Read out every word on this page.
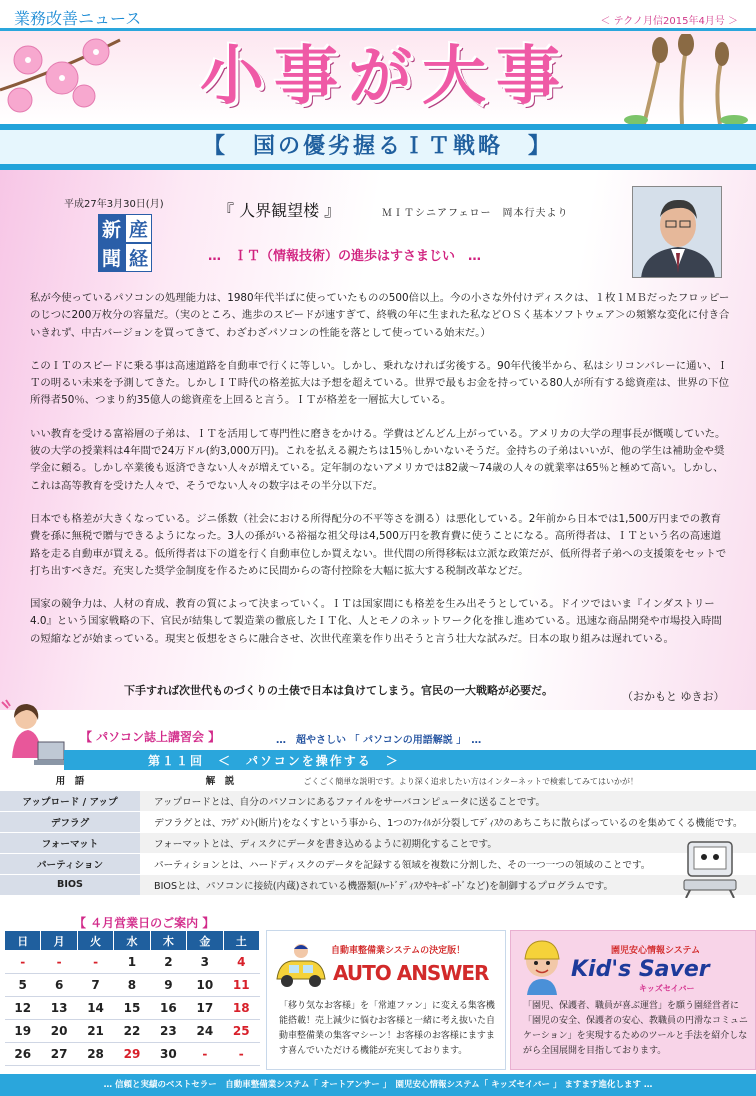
業務改善ニュース	＜ テクノ月信2015年4月号 ＞
小事が大事
【　国の優劣握るＩＴ戦略　】
平成27年3月30日(月)
新 産
聞 経
『 人界観望楼 』	ＭＩＴシニアフェロー　岡本行夫より
…　ＩＴ（情報技術）の進歩はすさまじい　…

私が今使っているパソコンの処理能力は、1980年代半ばに使っていたものの500倍以上。今の小さな外付けディスクは、１枚１ＭＢだったフロッピーのじつに200万枚分の容量だ。（実のところ、進歩のスピードが速すぎて、終戦の年に生まれた私などＯＳく基本ソフトウェア＞の頻繁な変化に付き合いきれず、中古バージョンを買ってきて、わざわざパソコンの性能を落として使っている始末だ。）

このＩＴのスピードに乗る事は高速道路を自動車で行くに等しい。しかし、乗れなければ劣後する。90年代後半から、私はシリコンバレーに通い、ＩＴの明るい未来を予測してきた。しかしＩＴ時代の格差拡大は予想を超えている。世界で最もお金を持っている80人が所有する総資産は、世界の下位所得者50％、つまり約35億人の総資産を上回ると言う。ＩＴが格差を一層拡大している。

いい教育を受ける富裕層の子弟は、ＩＴを活用して専門性に磨きをかける。学費はどんどん上がっている。アメリカの大学の理事長が慨嘆していた。彼の大学の授業料は4年間で24万ドル(約3,000万円)。これを払える親たちは15％しかいないそうだ。金持ちの子弟はいいが、他の学生は補助金や奨学金に頼る。しかし卒業後も返済できない人々が増えている。定年制のないアメリカでは82歳～74歳の人々の就業率は65％と極めて高い。しかし、これは高等教育を受けた人々で、そうでない人々の数字はその半分以下だ。

日本でも格差が大きくなっている。ジニ係数（社会における所得配分の不平等さを測る）は悪化している。2年前から日本では1,500万円までの教育費を孫に無税で贈与できるようになった。3人の孫がいる裕福な祖父母は4,500万円を教育費に使うことになる。高所得者は、ＩＴという名の高速道路を走る自動車が買える。低所得者は下の道を行く自動車位しか買えない。世代間の所得移転は立派な政策だが、低所得者子弟への支援策をセットで打ち出すべきだ。充実した奨学金制度を作るために民間からの寄付控除を大幅に拡大する税制改革などだ。

国家の競争力は、人材の育成、教育の質によって決まっていく。ＩＴは国家間にも格差を生み出そうとしている。ドイツではいま『インダストリー4.0』という国家戦略の下、官民が結集して製造業の徹底したＩＴ化、人とモノのネットワーク化を推し進めている。迅速な商品開発や市場投入時間の短縮などが始まっている。現実と仮想をさらに融合させ、次世代産業を作り出そうと言う壮大な試みだ。日本の取り組みは遅れている。

下手すれば次世代ものづくりの土俵で日本は負けてしまう。官民の一大戦略が必要だ。	（おかもと ゆきお）
【 パソコン誌上講習会 】	…　超やさしい 「 パソコンの用語解説 」　…
第１１回　＜　パソコンを操作する　＞
用　語	解　説 ごくごく簡単な説明です。より深く追求したい方はインターネットで検索してみてはいかが！
アップロード / アップ	アップロードとは、自分のパソコンにあるファイルをサーバコンピュータに送ることです。
デフラグ	デフラグとは、ﾌﾗｸﾞﾒﾝﾄ(断片)をなくすという事から、1つのﾌｧｲﾙが分裂してﾃﾞｨｽｸのあちこちに散らばっているのを集めてくる機能です。
フォーマット	フォーマットとは、ディスクにデータを書き込めるように初期化することです。
パーティション	パーティションとは、ハードディスクのデータを記録する領域を複数に分割した、その一つ一つの領域のことです。
BIOS	BIOSとは、パソコンに接続(内蔵)されている機器類(ﾊｰﾄﾞﾃﾞｨｽｸやｷｰﾎﾞｰﾄﾞなど)を制御するプログラムです。
【 ４月営業日のご案内 】
日	月	火	水	木	金	土
-	-	-	1	2	3	4
5	6	7	8	9	10	11
12	13	14	15	16	17	18
19	20	21	22	23	24	25
26	27	28	29	30	-	-
自動車整備業システムの決定版！
AUTO ANSWER
「移り気なお客様」を「常連ファン」に変える集客機能搭載！売上減少に悩むお客様と一緒に考え抜いた自動車整備業の集客マシーン！お客様のお客様にますます喜んでいただける機能が充実しております。
園児安心情報システム
Kid's Saver
キッズセイバー
「園児、保護者、職員が喜ぶ運営」を願う園経営者に「園児の安全、保護者の安心、教職員の円滑なコミュニケーション」を実現するためのツールと手法を紹介しながら全国展開を目指しております。
… 信頼と実績のベストセラー　自動車整備業システム「 オートアンサー 」　園児安心情報システム「 キッズセイバー 」 ますます進化します …
